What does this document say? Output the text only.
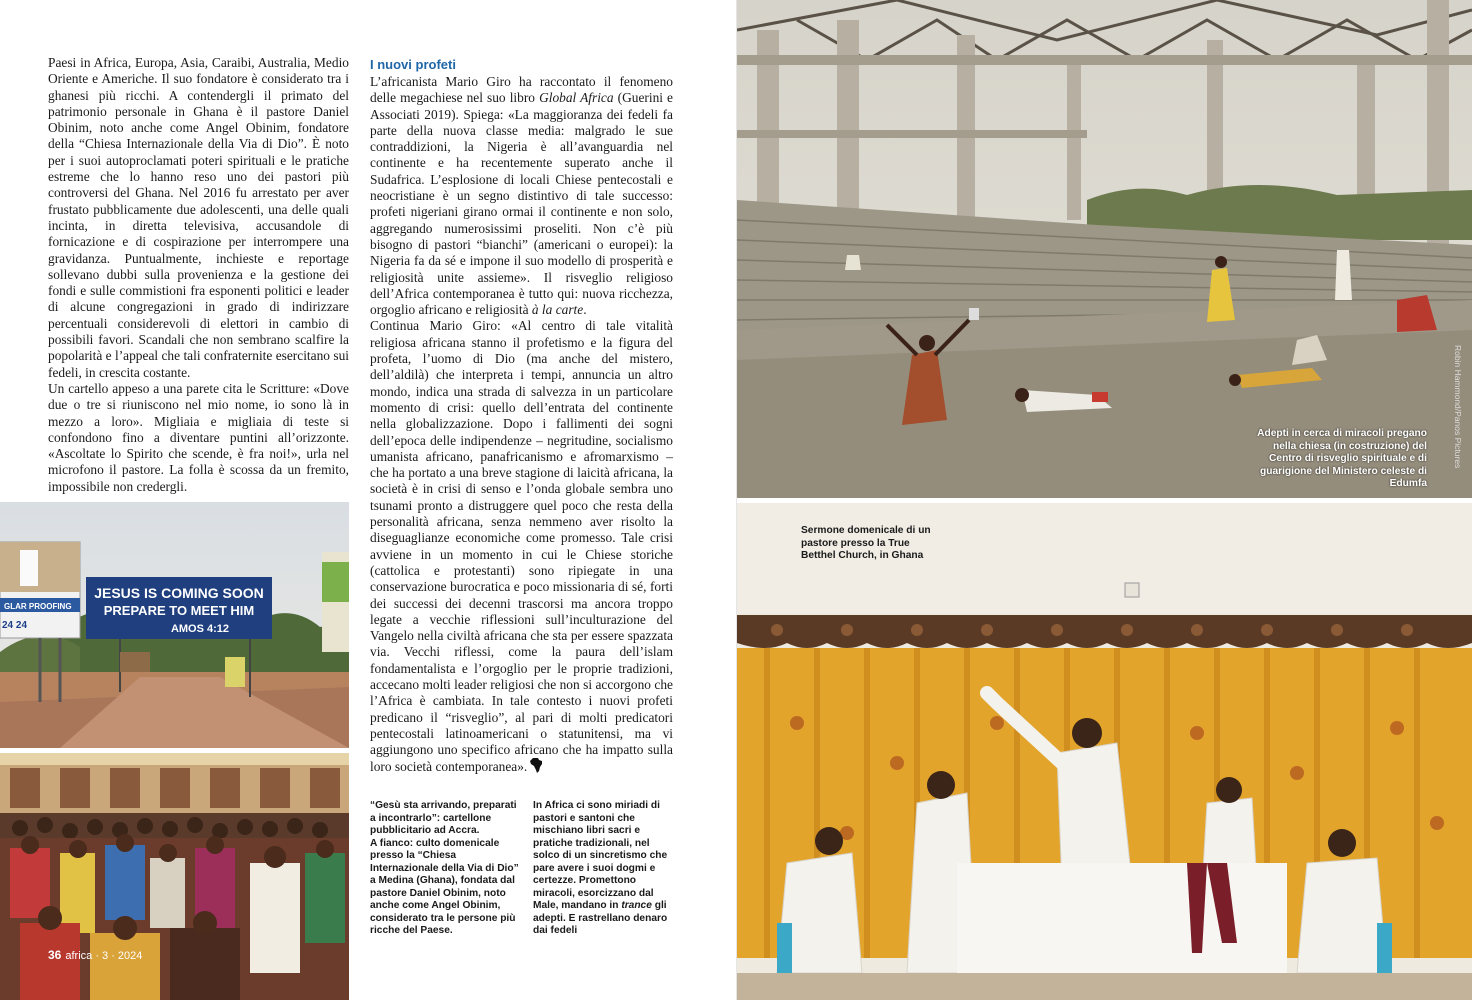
Paesi in Africa, Europa, Asia, Caraibi, Australia, Medio Oriente e Americhe. Il suo fondatore è considerato tra i ghanesi più ricchi. A contendergli il primato del patrimonio personale in Ghana è il pastore Daniel Obinim, noto anche come Angel Obinim, fondatore della “Chiesa Internazionale della Via di Dio”. È noto per i suoi autoproclamati poteri spirituali e le pratiche estreme che lo hanno reso uno dei pastori più controversi del Ghana. Nel 2016 fu arrestato per aver frustato pubblicamente due adolescenti, una delle quali incinta, in diretta televisiva, accusandole di fornicazione e di cospirazione per interrompere una gravidanza. Puntualmente, inchieste e reportage sollevano dubbi sulla provenienza e la gestione dei fondi e sulle commistioni fra esponenti politici e leader di alcune congregazioni in grado di indirizzare percentuali considerevoli di elettori in cambio di possibili favori. Scandali che non sembrano scalfire la popolarità e l’appeal che tali confraternite esercitano sui fedeli, in crescita costante.

Un cartello appeso a una parete cita le Scritture: «Dove due o tre si riuniscono nel mio nome, io sono là in mezzo a loro». Migliaia e migliaia di teste si confondono fino a diventare puntini all’orizzonte. «Ascoltate lo Spirito che scende, è fra noi!», urla nel microfono il pastore. La folla è scossa da un fremito, impossibile non credergli.

I nuovi profeti

L’africanista Mario Giro ha raccontato il fenomeno delle megachiese nel suo libro Global Africa (Guerini e Associati 2019). Spiega: «La maggioranza dei fedeli fa parte della nuova classe media: malgrado le sue contraddizioni, la Nigeria è all’avanguardia nel continente e ha recentemente superato anche il Sudafrica. L’esplosione di locali Chiese pentecostali e neocristiane è un segno distintivo di tale successo: profeti nigeriani girano ormai il continente e non solo, aggregando numerosissimi proseliti. Non c’è più bisogno di pastori “bianchi” (americani o europei): la Nigeria fa da sé e impone il suo modello di prosperità e religiosità unite assieme». Il risveglio religioso dell’Africa contemporanea è tutto qui: nuova ricchezza, orgoglio africano e religiosità à la carte.

Continua Mario Giro: «Al centro di tale vitalità religiosa africana stanno il profetismo e la figura del profeta, l’uomo di Dio (ma anche del mistero, dell’aldilà) che interpreta i tempi, annuncia un altro mondo, indica una strada di salvezza in un particolare momento di crisi: quello dell’entrata del continente nella globalizzazione. Dopo i fallimenti dei sogni dell’epoca delle indipendenze – negritudine, socialismo umanista africano, panafricanismo e afromarxismo – che ha portato a una breve stagione di laicità africana, la società è in crisi di senso e l’onda globale sembra uno tsunami pronto a distruggere quel poco che resta della personalità africana, senza nemmeno aver risolto la diseguaglianze economiche come promesso. Tale crisi avviene in un momento in cui le Chiese storiche (cattolica e protestanti) sono ripiegate in una conservazione burocratica e poco missionaria di sé, forti dei successi dei decenni trascorsi ma ancora troppo legate a vecchie riflessioni sull’inculturazione del Vangelo nella civiltà africana che sta per essere spazzata via. Vecchi riflessi, come la paura dell’islam fondamentalista e l’orgoglio per le proprie tradizioni, accecano molti leader religiosi che non si accorgono che l’Africa è cambiata. In tale contesto i nuovi profeti predicano il “risveglio”, al pari di molti predicatori pentecostali latinoamericani o statunitensi, ma vi aggiungono uno specifico africano che ha impatto sulla loro società contemporanea».

GLAR PROOFING
24 24
JESUS IS COMING SOON
PREPARE TO MEET HIM
AMOS 4:12
36 africa · 3 · 2024
“Gesù sta arrivando, preparati a incontrarlo”: cartellone pubblicitario ad Accra.
A fianco: culto domenicale presso la “Chiesa Internazionale della Via di Dio” a Medina (Ghana), fondata dal pastore Daniel Obinim, noto anche come Angel Obinim, considerato tra le persone più ricche del Paese.
In Africa ci sono miriadi di pastori e santoni che mischiano libri sacri e pratiche tradizionali, nel solco di un sincretismo che pare avere i suoi dogmi e certezze. Promettono miracoli, esorcizzano dal Male, mandano in trance gli adepti. E rastrellano denaro dai fedeli
Adepti in cerca di miracoli pregano nella chiesa (in costruzione) del Centro di risveglio spirituale e di guarigione del Ministero celeste di Edumfa
Robin Hammond/Panos Pictures
Sermone domenicale di un pastore presso la True Betthel Church, in Ghana
